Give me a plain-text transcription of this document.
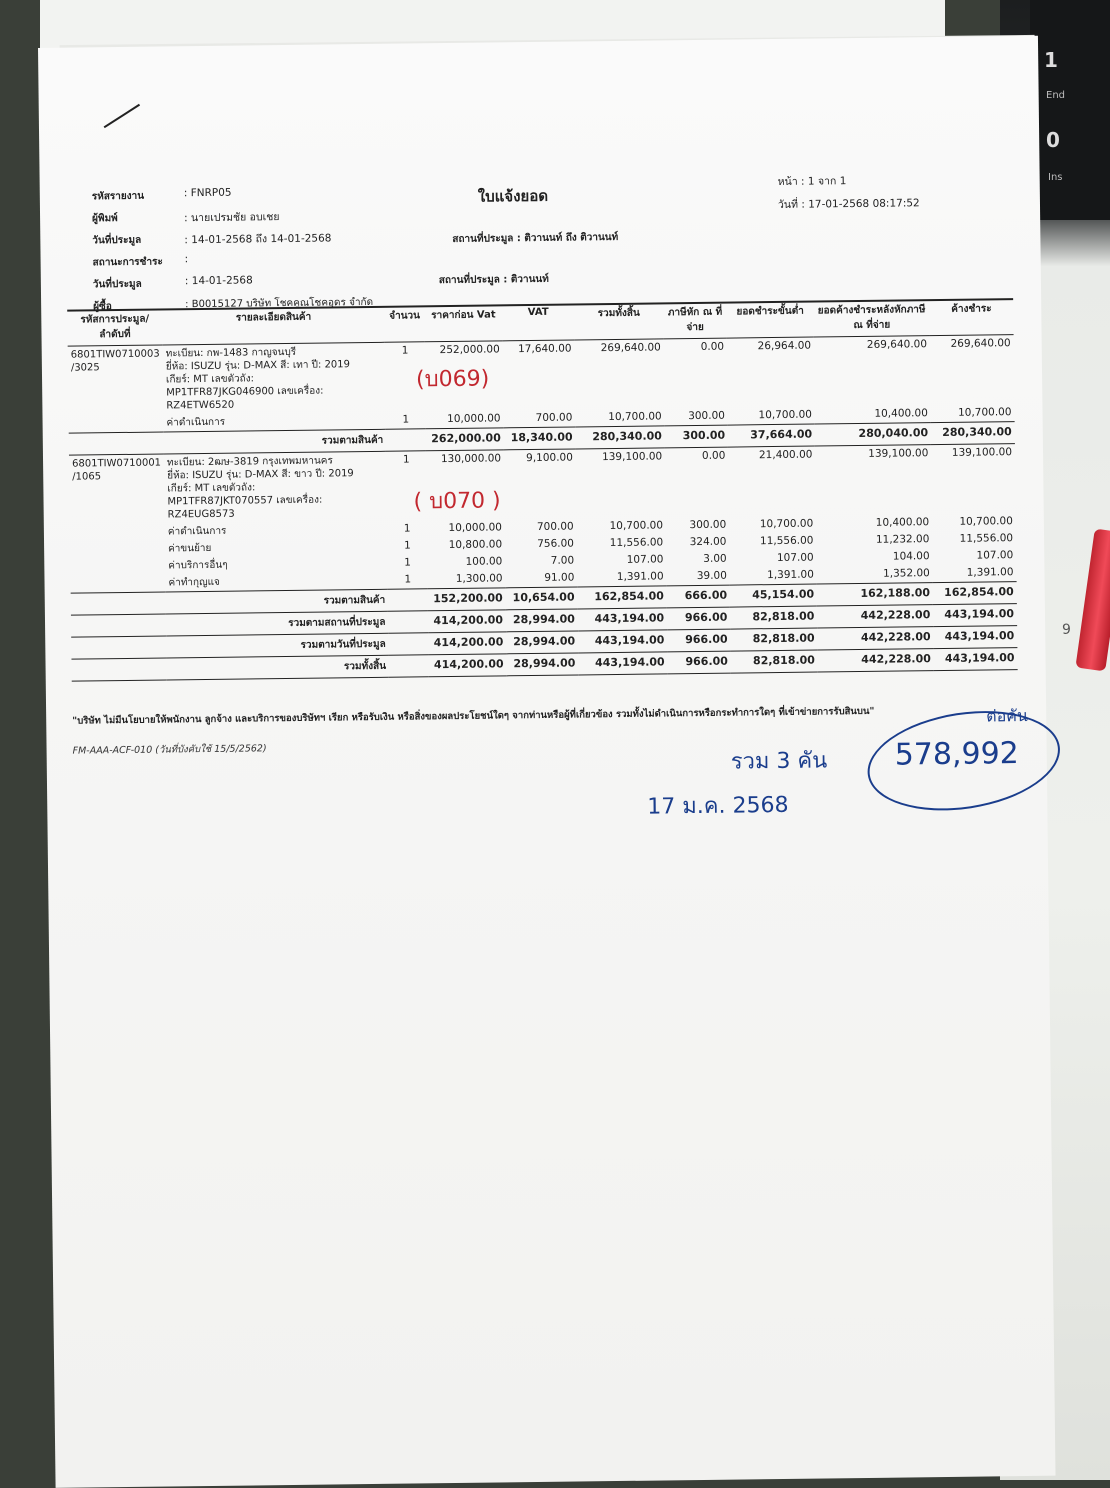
1
End
0
Ins
9
รหัสรายงาน	: FNRP05
ผู้พิมพ์	: นายเปรมชัย อบเชย
วันที่ประมูล	: 14-01-2568 ถึง 14-01-2568
สถานะการชำระ :
วันที่ประมูล	: 14-01-2568
ผู้ซื้อ	: B0015127 บริษัท โชคคูณโชคอุดร จำกัด
ใบแจ้งยอด
สถานที่ประมูล : ติวานนท์ ถึง ติวานนท์
สถานที่ประมูล : ติวานนท์
หน้า : 1 จาก 1
วันที่ : 17-01-2568 08:17:52
รหัสการประมูล/ลำดับที่	รายละเอียดสินค้า	จำนวน	ราคาก่อน Vat	VAT	รวมทั้งสิ้น	ภาษีหัก ณ ที่จ่าย	ยอดชำระขั้นต่ำ	ยอดค้างชำระหลังหักภาษี ณ ที่จ่าย	ค้างชำระ
6801TIW0710003
/3025	ทะเบียน: กพ-1483 กาญจนบุรี
ยี่ห้อ: ISUZU รุ่น: D-MAX สี: เทา ปี: 2019
เกียร์: MT เลขตัวถัง:
MP1TFR87JKG046900 เลขเครื่อง:
RZ4ETW6520	1	252,000.00	17,640.00	269,640.00	0.00	26,964.00	269,640.00	269,640.00
	ค่าดำเนินการ	1	10,000.00	700.00	10,700.00	300.00	10,700.00	10,400.00	10,700.00
	รวมตามสินค้า		262,000.00	18,340.00	280,340.00	300.00	37,664.00	280,040.00	280,340.00
6801TIW0710001
/1065	ทะเบียน: 2ฒษ-3819 กรุงเทพมหานคร
ยี่ห้อ: ISUZU รุ่น: D-MAX สี: ขาว ปี: 2019
เกียร์: MT เลขตัวถัง:
MP1TFR87JKT070557 เลขเครื่อง:
RZ4EUG8573	1	130,000.00	9,100.00	139,100.00	0.00	21,400.00	139,100.00	139,100.00
	ค่าดำเนินการ	1	10,000.00	700.00	10,700.00	300.00	10,700.00	10,400.00	10,700.00
	ค่าขนย้าย	1	10,800.00	756.00	11,556.00	324.00	11,556.00	11,232.00	11,556.00
	ค่าบริการอื่นๆ	1	100.00	7.00	107.00	3.00	107.00	104.00	107.00
	ค่าทำกุญแจ	1	1,300.00	91.00	1,391.00	39.00	1,391.00	1,352.00	1,391.00
	รวมตามสินค้า		152,200.00	10,654.00	162,854.00	666.00	45,154.00	162,188.00	162,854.00
	รวมตามสถานที่ประมูล		414,200.00	28,994.00	443,194.00	966.00	82,818.00	442,228.00	443,194.00
	รวมตามวันที่ประมูล		414,200.00	28,994.00	443,194.00	966.00	82,818.00	442,228.00	443,194.00
	รวมทั้งสิ้น		414,200.00	28,994.00	443,194.00	966.00	82,818.00	442,228.00	443,194.00
(บ069)
( บ070 )
"บริษัท ไม่มีนโยบายให้พนักงาน ลูกจ้าง และบริการของบริษัทฯ เรียก หรือรับเงิน หรือสิ่งของผลประโยชน์ใดๆ จากท่านหรือผู้ที่เกี่ยวข้อง รวมทั้งไม่ดำเนินการหรือกระทำการใดๆ ที่เข้าข่ายการรับสินบน"
FM-AAA-ACF-010 (วันที่บังคับใช้ 15/5/2562)	รวม 3 คัน 578,992
ต่อคัน
17 ม.ค. 2568
